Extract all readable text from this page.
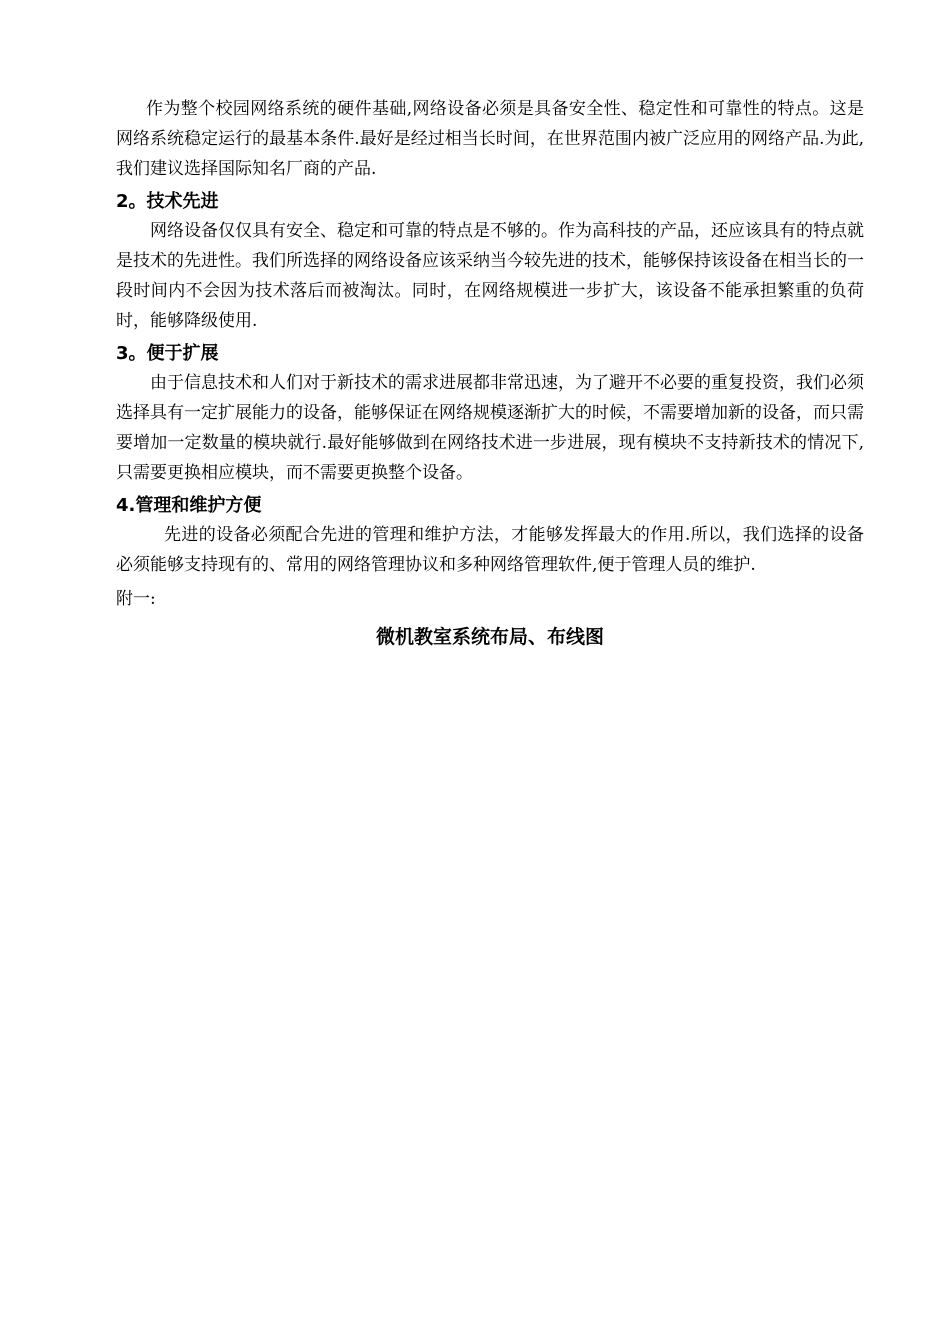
作为整个校园网络系统的硬件基础,网络设备必须是具备安全性、稳定性和可靠性的特点。这是网络系统稳定运行的最基本条件.最好是经过相当长时间，在世界范围内被广泛应用的网络产品.为此,我们建议选择国际知名厂商的产品.

2。技术先进

网络设备仅仅具有安全、稳定和可靠的特点是不够的。作为高科技的产品，还应该具有的特点就是技术的先进性。我们所选择的网络设备应该采纳当今较先进的技术，能够保持该设备在相当长的一段时间内不会因为技术落后而被淘汰。同时，在网络规模进一步扩大，该设备不能承担繁重的负荷时，能够降级使用.

3。便于扩展

由于信息技术和人们对于新技术的需求进展都非常迅速，为了避开不必要的重复投资，我们必须选择具有一定扩展能力的设备，能够保证在网络规模逐渐扩大的时候，不需要增加新的设备，而只需要增加一定数量的模块就行.最好能够做到在网络技术进一步进展，现有模块不支持新技术的情况下,只需要更换相应模块，而不需要更换整个设备。

4.管理和维护方便

先进的设备必须配合先进的管理和维护方法，才能够发挥最大的作用.所以，我们选择的设备必须能够支持现有的、常用的网络管理协议和多种网络管理软件,便于管理人员的维护.

附一:

微机教室系统布局、布线图
